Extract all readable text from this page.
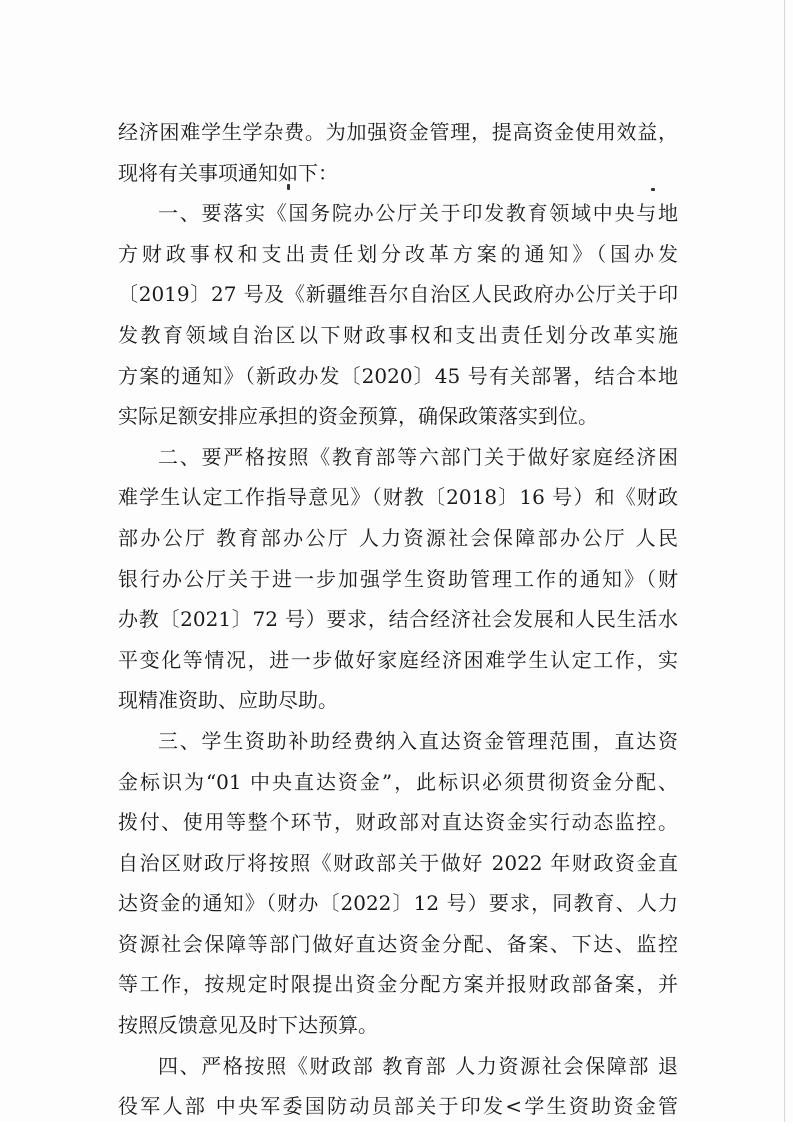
经济困难学生学杂费。为加强资金管理，提高资金使用效益，
现将有关事项通知如下：

一、要落实《国务院办公厅关于印发教育领域中央与地
方财政事权和支出责任划分改革方案的通知》（国办发
〔2019〕27 号及《新疆维吾尔自治区人民政府办公厅关于印
发教育领域自治区以下财政事权和支出责任划分改革实施
方案的通知》（新政办发〔2020〕45 号有关部署，结合本地
实际足额安排应承担的资金预算，确保政策落实到位。

二、要严格按照《教育部等六部门关于做好家庭经济困
难学生认定工作指导意见》（财教〔2018〕16 号）和《财政
部办公厅 教育部办公厅 人力资源社会保障部办公厅 人民
银行办公厅关于进一步加强学生资助管理工作的通知》（财
办教〔2021〕72 号）要求，结合经济社会发展和人民生活水
平变化等情况，进一步做好家庭经济困难学生认定工作，实
现精准资助、应助尽助。

三、学生资助补助经费纳入直达资金管理范围，直达资
金标识为“01 中央直达资金”，此标识必须贯彻资金分配、
拨付、使用等整个环节，财政部对直达资金实行动态监控。
自治区财政厅将按照《财政部关于做好 2022 年财政资金直
达资金的通知》（财办〔2022〕12 号）要求，同教育、人力
资源社会保障等部门做好直达资金分配、备案、下达、监控
等工作，按规定时限提出资金分配方案并报财政部备案，并
按照反馈意见及时下达预算。

四、严格按照《财政部 教育部 人力资源社会保障部 退
役军人部 中央军委国防动员部关于印发<学生资助资金管
